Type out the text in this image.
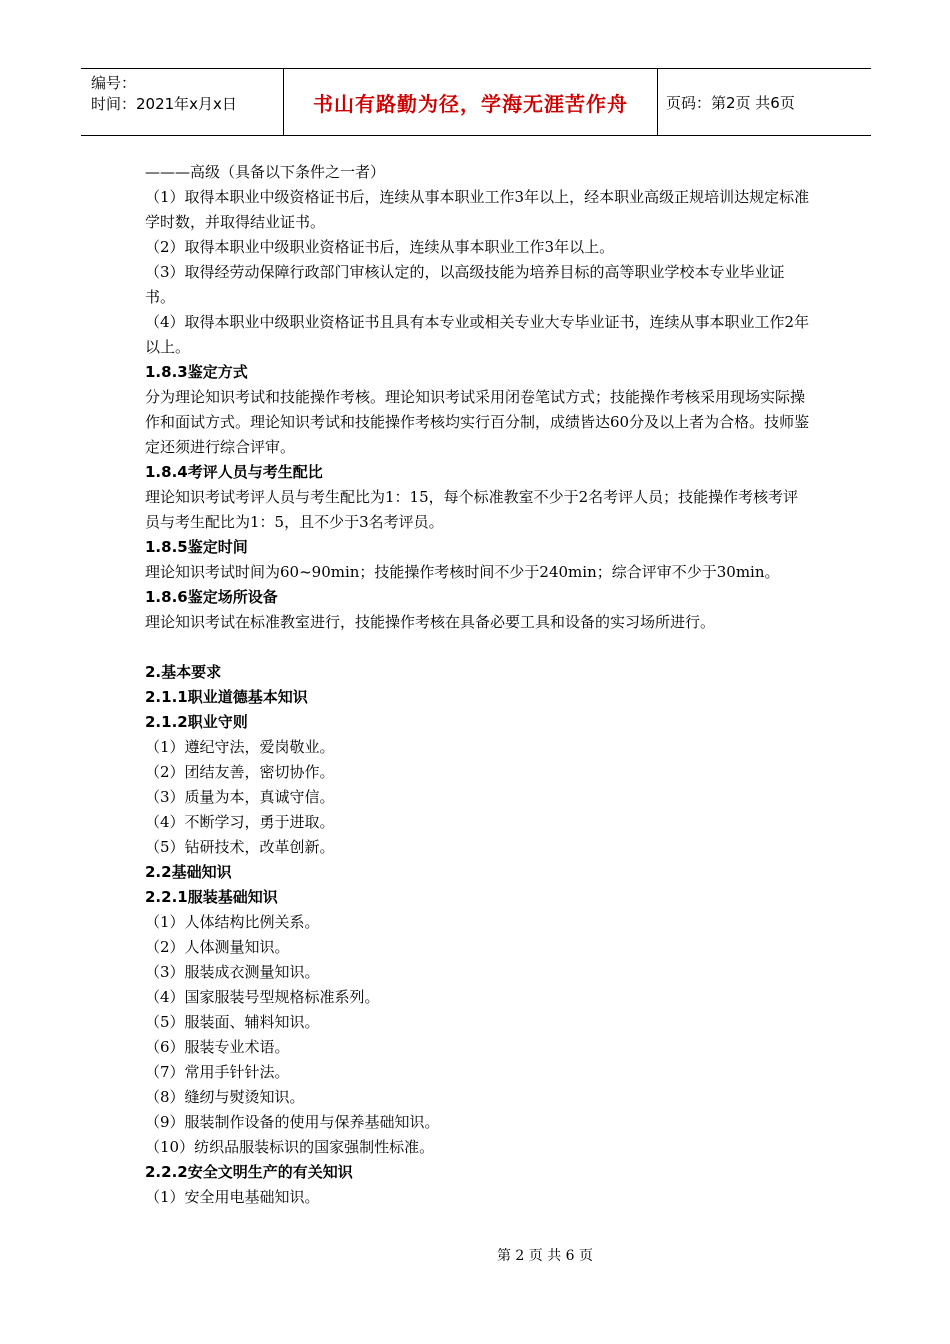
编号：
时间：2021年x月x日	书山有路勤为径，学海无涯苦作舟	页码：第2页 共6页

———高级（具备以下条件之一者）

（1）取得本职业中级资格证书后，连续从事本职业工作3年以上，经本职业高级正规培训达规定标准学时数，并取得结业证书。

（2）取得本职业中级职业资格证书后，连续从事本职业工作3年以上。

（3）取得经劳动保障行政部门审核认定的，以高级技能为培养目标的高等职业学校本专业毕业证书。

（4）取得本职业中级职业资格证书且具有本专业或相关专业大专毕业证书，连续从事本职业工作2年以上。

1.8.3鉴定方式

分为理论知识考试和技能操作考核。理论知识考试采用闭卷笔试方式；技能操作考核采用现场实际操作和面试方式。理论知识考试和技能操作考核均实行百分制，成绩皆达60分及以上者为合格。技师鉴定还须进行综合评审。

1.8.4考评人员与考生配比

理论知识考试考评人员与考生配比为1：15，每个标准教室不少于2名考评人员；技能操作考核考评员与考生配比为1：5，且不少于3名考评员。

1.8.5鉴定时间

理论知识考试时间为60~90min；技能操作考核时间不少于240min；综合评审不少于30min。

1.8.6鉴定场所设备

理论知识考试在标准教室进行，技能操作考核在具备必要工具和设备的实习场所进行。

2.基本要求

2.1.1职业道德基本知识

2.1.2职业守则

（1）遵纪守法，爱岗敬业。

（2）团结友善，密切协作。

（3）质量为本，真诚守信。

（4）不断学习，勇于进取。

（5）钻研技术，改革创新。

2.2基础知识

2.2.1服装基础知识

（1）人体结构比例关系。

（2）人体测量知识。

（3）服装成衣测量知识。

（4）国家服装号型规格标准系列。

（5）服装面、辅料知识。

（6）服装专业术语。

（7）常用手针针法。

（8）缝纫与熨烫知识。

（9）服装制作设备的使用与保养基础知识。

（10）纺织品服装标识的国家强制性标准。

2.2.2安全文明生产的有关知识

（1）安全用电基础知识。

第 2 页 共 6 页
